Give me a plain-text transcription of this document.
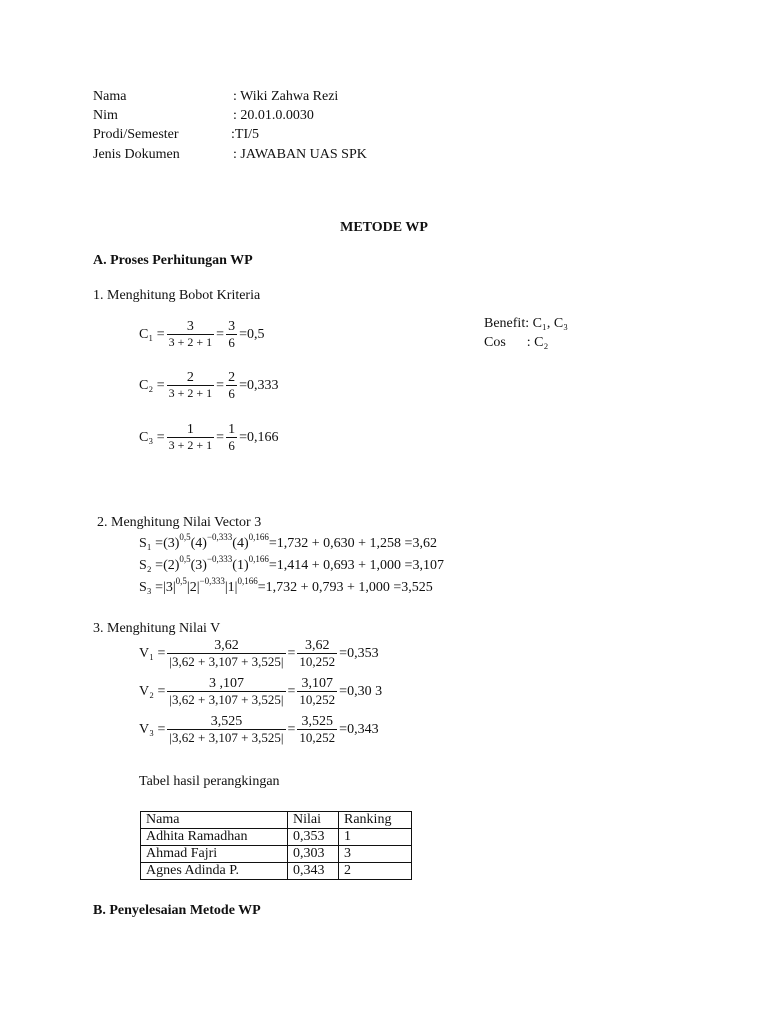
Nama	: Wiki Zahwa Rezi
Nim	: 20.01.0.0030
Prodi/Semester	:TI/5
Jenis Dokumen	: JAWABAN UAS SPK
METODE WP
A. Proses Perhitungan WP
1. Menghitung Bobot Kriteria
Benefit: C₁, C₃
Cos      : C₂
$C_1 = \frac{3}{3 + 2 + 1} = \frac{3}{6} =0,5$
$C_2 = \frac{2}{3 + 2 + 1} = \frac{2}{6} =0,333$
$C_3 = \frac{1}{3 + 2 + 1} = \frac{1}{6} =0,166$
2. Menghitung Nilai Vector 3
$S_1 = (3)^{0,5}(4)^{-0,333}(4)^{0,166} =1,732 + 0,630 + 1,258 =3,62$
$S_2 = (2)^{0,5}(3)^{-0,333}(1)^{0,166} =1,414 + 0,693 + 1,000 =3,107$
$S_3 = |3|^{0,5}|2|^{-0,333}|1|^{0,166} =1,732 + 0,793 + 1,000 =3,525$
3. Menghitung Nilai V
$V_1 = \frac{3,62}{|3,62 + 3,107 + 3,525|} = \frac{3,62}{10,252} =0,353$
$V_2 = \frac{3 ,107}{|3,62 + 3,107 + 3,525|} = \frac{3,107}{10,252} =0,30$ 3
$V_3 = \frac{3,525}{|3,62 + 3,107 + 3,525|} = \frac{3,525}{10,252} =0,343$
Tabel hasil perangkingan
Nama	Nilai	Ranking
Adhita Ramadhan	0,353	1
Ahmad Fajri	0,303	3
Agnes Adinda P.	0,343	2
B. Penyelesaian Metode WP
